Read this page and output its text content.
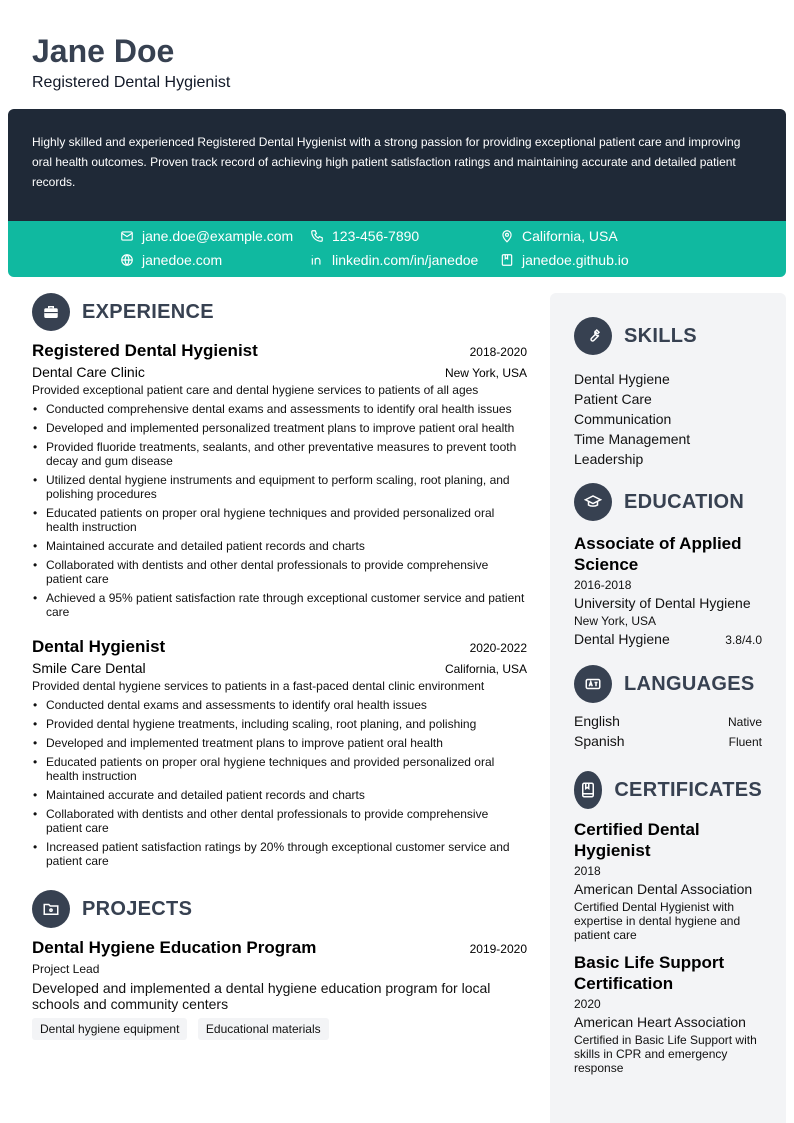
Jane Doe
Registered Dental Hygienist

Highly skilled and experienced Registered Dental Hygienist with a strong passion for providing exceptional patient care and improving oral health outcomes. Proven track record of achieving high patient satisfaction ratings and maintaining accurate and detailed patient records.

jane.doe@example.com	123-456-7890	California, USA
janedoe.com	linkedin.com/in/janedoe	janedoe.github.io
EXPERIENCE
Registered Dental Hygienist	2018-2020
Dental Care Clinic	New York, USA
Provided exceptional patient care and dental hygiene services to patients of all ages
• Conducted comprehensive dental exams and assessments to identify oral health issues
• Developed and implemented personalized treatment plans to improve patient oral health
• Provided fluoride treatments, sealants, and other preventative measures to prevent tooth decay and gum disease
• Utilized dental hygiene instruments and equipment to perform scaling, root planing, and polishing procedures
• Educated patients on proper oral hygiene techniques and provided personalized oral health instruction
• Maintained accurate and detailed patient records and charts
• Collaborated with dentists and other dental professionals to provide comprehensive patient care
• Achieved a 95% patient satisfaction rate through exceptional customer service and patient care
Dental Hygienist	2020-2022
Smile Care Dental	California, USA
Provided dental hygiene services to patients in a fast-paced dental clinic environment
• Conducted dental exams and assessments to identify oral health issues
• Provided dental hygiene treatments, including scaling, root planing, and polishing
• Developed and implemented treatment plans to improve patient oral health
• Educated patients on proper oral hygiene techniques and provided personalized oral health instruction
• Maintained accurate and detailed patient records and charts
• Collaborated with dentists and other dental professionals to provide comprehensive patient care
• Increased patient satisfaction ratings by 20% through exceptional customer service and patient care
PROJECTS
Dental Hygiene Education Program	2019-2020
Project Lead
Developed and implemented a dental hygiene education program for local schools and community centers
Dental hygiene equipment Educational materials
SKILLS
Dental Hygiene
Patient Care
Communication
Time Management
Leadership
EDUCATION
Associate of Applied Science
2016-2018
University of Dental Hygiene
New York, USA
Dental Hygiene	3.8/4.0
LANGUAGES
English	Native
Spanish	Fluent
CERTIFICATES
Certified Dental Hygienist
2018
American Dental Association
Certified Dental Hygienist with expertise in dental hygiene and patient care
Basic Life Support Certification
2020
American Heart Association
Certified in Basic Life Support with skills in CPR and emergency response
